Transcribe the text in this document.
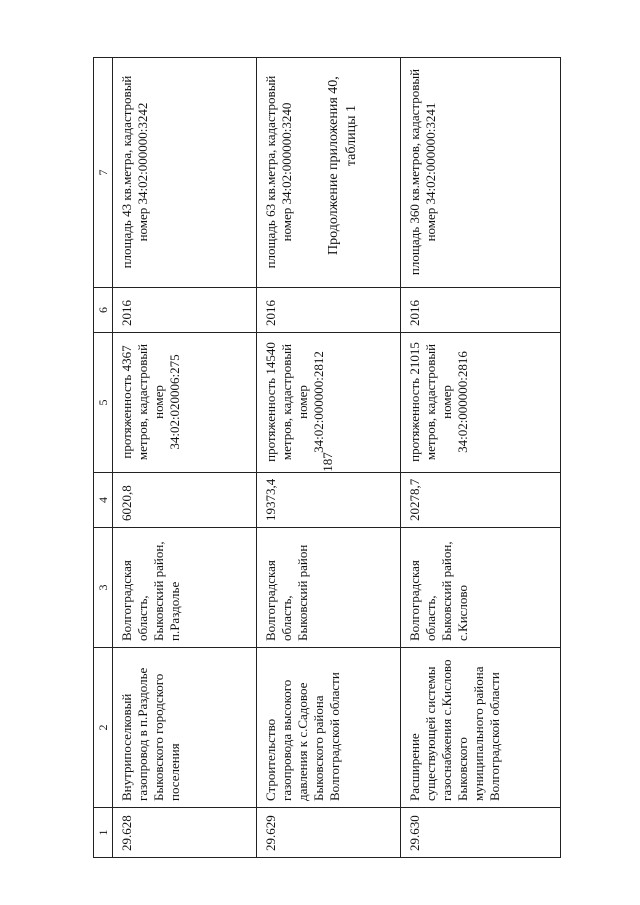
187
Продолжение приложения 40, таблицы 1
1	2	3	4	5	6	7
29.628	Внутрипоселковый газопровод в п.Раздолье Быковского городского поселения	Волгоградская область, Быковский район, п.Раздолье	6020,8	протяженность 4367 метров, кадастровый номер 34:02:020006:275	2016	площадь 43 кв.метра, кадастровый номер 34:02:000000:3242
29.629	Строительство газопровода высокого давления к с.Садовое Быковского района Волгоградской области	Волгоградская область, Быковский район	19373,4	протяженность 14540 метров, кадастровый номер 34:02:000000:2812	2016	площадь 63 кв.метра, кадастровый номер 34:02:000000:3240
29.630	Расширение существующей системы газоснабжения с.Кислово Быковского муниципального района Волгоградской области	Волгоградская область, Быковский район, с.Кислово	20278,7	протяженность 21015 метров, кадастровый номер 34:02:000000:2816	2016	площадь 360 кв.метров, кадастровый номер 34:02:000000:3241
